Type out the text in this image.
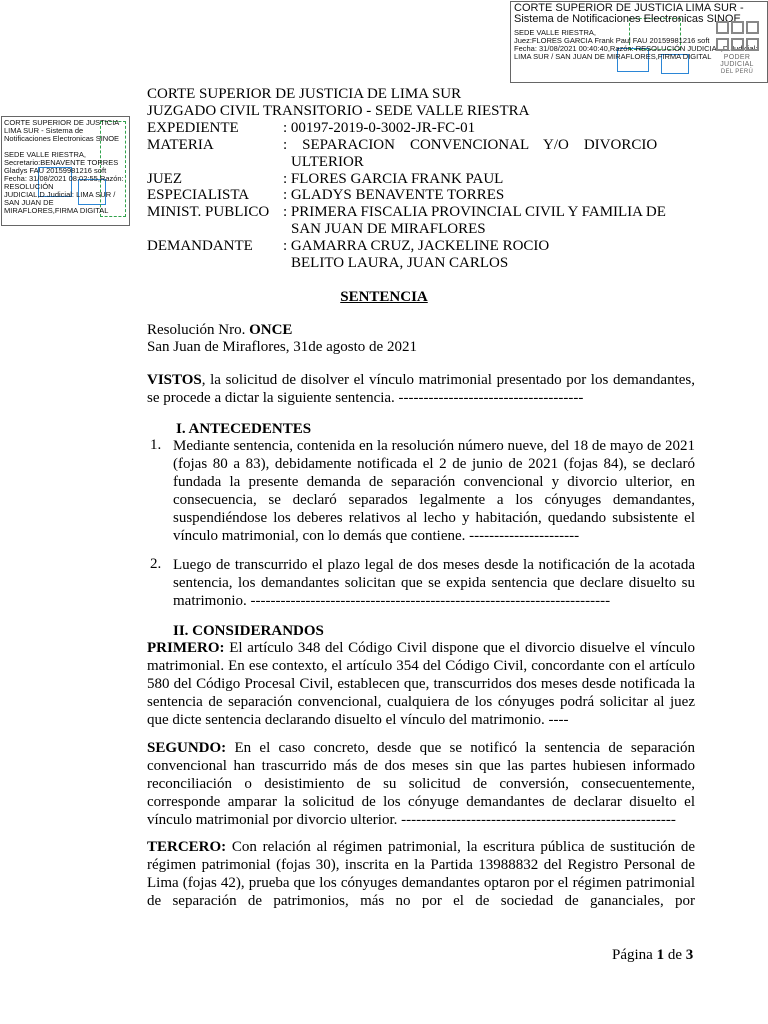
CORTE SUPERIOR DE JUSTICIA LIMA SUR -
Sistema de Notificaciones Electronicas SINOE
SEDE VALLE RIESTRA,
Juez:FLORES GARCIA Frank Paul FAU 20159981216 soft
Fecha: 31/08/2021 00:40:40,Razón: RESOLUCIÓN JUDICIAL,D.Judicial:
LIMA SUR / SAN JUAN DE MIRAFLORES,FIRMA DIGITAL	PODER JUDICIAL
DEL PERÚ
CORTE SUPERIOR DE JUSTICIA
LIMA SUR - Sistema de
Notificaciones Electronicas SINOE
SEDE VALLE RIESTRA,
Secretario:BENAVENTE TORRES
Gladys FAU 20159981216 soft
Fecha: 31/08/2021 08:02:55,Razón:
RESOLUCIÓN
JUDICIAL,D.Judicial: LIMA SUR /
SAN JUAN DE
MIRAFLORES,FIRMA DIGITAL
CORTE SUPERIOR DE JUSTICIA DE LIMA SUR
JUZGADO CIVIL TRANSITORIO - SEDE VALLE RIESTRA
EXPEDIENTE	: 00197-2019-0-3002-JR-FC-01
MATERIA	:    SEPARACION    CONVENCIONAL    Y/O    DIVORCIO
ULTERIOR
JUEZ	: FLORES GARCIA FRANK PAUL
ESPECIALISTA : GLADYS BENAVENTE TORRES
MINIST. PUBLICO : PRIMERA FISCALIA PROVINCIAL CIVIL Y FAMILIA DE
SAN JUAN DE MIRAFLORES
DEMANDANTE : GAMARRA CRUZ, JACKELINE ROCIO
BELITO LAURA, JUAN CARLOS
SENTENCIA
Resolución Nro. ONCE
San Juan de Miraflores, 31de agosto de 2021
VISTOS, la solicitud de disolver el vínculo matrimonial presentado por los demandantes, se procede a dictar la siguiente sentencia. -------------------------------------
I. ANTECEDENTES
1. Mediante sentencia, contenida en la resolución número nueve, del 18 de mayo de 2021 (fojas 80 a 83), debidamente notificada el 2 de junio de 2021 (fojas 84), se declaró fundada la presente demanda de separación convencional y divorcio ulterior, en consecuencia, se declaró separados legalmente a los cónyuges demandantes, suspendiéndose los deberes relativos al lecho y habitación, quedando subsistente el vínculo matrimonial, con lo demás que contiene. ----------------------
2. Luego de transcurrido el plazo legal de dos meses desde la notificación de la acotada sentencia, los demandantes solicitan que se expida sentencia que declare disuelto su matrimonio. ------------------------------------------------------------------------
II. CONSIDERANDOS
PRIMERO: El artículo 348 del Código Civil dispone que el divorcio disuelve el vínculo matrimonial. En ese contexto, el artículo 354 del Código Civil, concordante con el artículo 580 del Código Procesal Civil, establecen que, transcurridos dos meses desde notificada la sentencia de separación convencional, cualquiera de los cónyuges podrá solicitar al juez que dicte sentencia declarando disuelto el vínculo del matrimonio. ----
SEGUNDO: En el caso concreto, desde que se notificó la sentencia de separación convencional han trascurrido más de dos meses sin que las partes hubiesen informado reconciliación o desistimiento de su solicitud de conversión, consecuentemente, corresponde amparar la solicitud de los cónyuge demandantes de declarar disuelto el vínculo matrimonial por divorcio ulterior. -------------------------------------------------------
TERCERO: Con relación al régimen patrimonial, la escritura pública de sustitución de régimen patrimonial (fojas 30), inscrita en la Partida 13988832 del Registro Personal de Lima (fojas 42), prueba que los cónyuges demandantes optaron por el régimen patrimonial de separación de patrimonios, más no por el de sociedad de gananciales, por
Página 1 de 3
